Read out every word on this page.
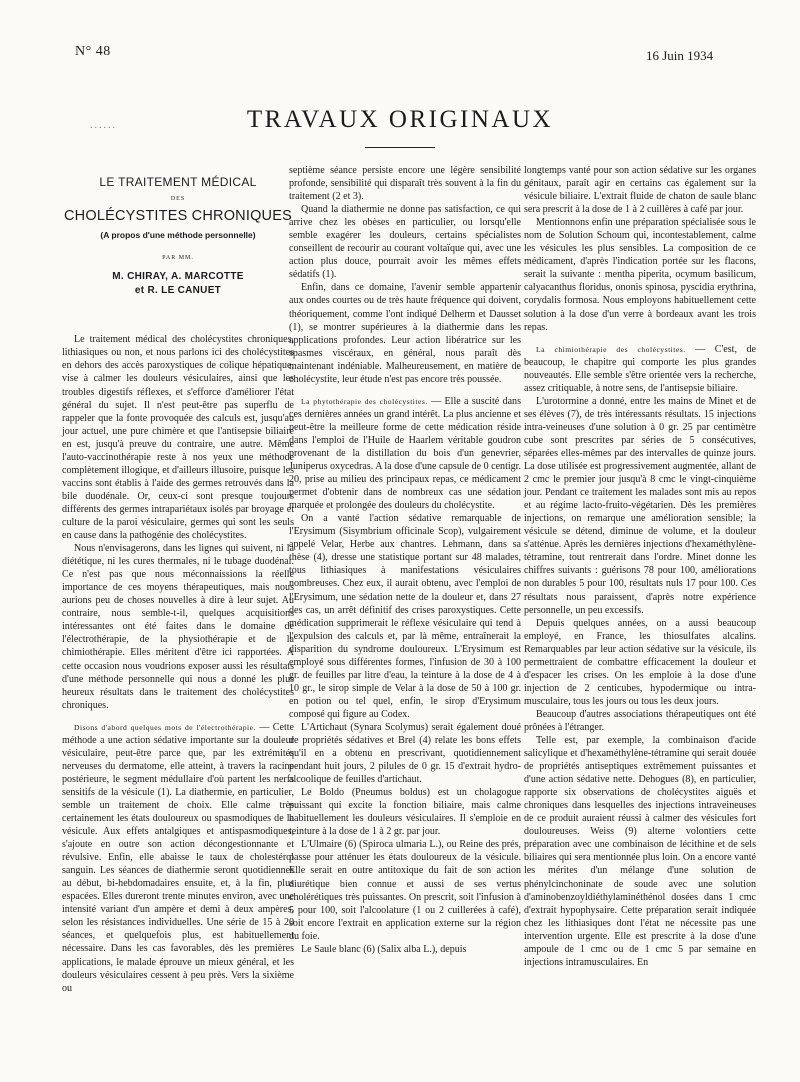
N° 48	16 Juin 1934
......	TRAVAUX ORIGINAUX
LE TRAITEMENT MÉDICAL
DES
CHOLÉCYSTITES CHRONIQUES
(A propos d'une méthode personnelle)
PAR MM.
M. CHIRAY, A. MARCOTTE
et R. LE CANUET

Le traitement médical des cholécystites chroniques, lithiasiques ou non, et nous parlons ici des cholécystites en dehors des accès paroxystiques de colique hépatique, vise à calmer les douleurs vésiculaires, ainsi que les troubles digestifs réflexes, et s'efforce d'améliorer l'état général du sujet. Il n'est peut-être pas superflu de rappeler que la fonte provoquée des calculs est, jusqu'au jour actuel, une pure chimère et que l'antisepsie biliaire en est, jusqu'à preuve du contraire, une autre. Même l'auto-vaccinothérapie reste à nos yeux une méthode complètement illogique, et d'ailleurs illusoire, puisque les vaccins sont établis à l'aide des germes retrouvés dans la bile duodénale. Or, ceux-ci sont presque toujours différents des germes intrapariétaux isolés par broyage et culture de la paroi vésiculaire, germes qui sont les seuls en cause dans la pathogénie des cholécystites.

Nous n'envisagerons, dans les lignes qui suivent, ni la diététique, ni les cures thermales, ni le tubage duodénal. Ce n'est pas que nous méconnaissions la réelle importance de ces moyens thérapeutiques, mais nous aurions peu de choses nouvelles à dire à leur sujet. Au contraire, nous semble-t-il, quelques acquisitions intéressantes ont été faites dans le domaine de l'électrothérapie, de la physiothérapie et de la chimiothérapie. Elles méritent d'être ici rapportées. A cette occasion nous voudrions exposer aussi les résultats d'une méthode personnelle qui nous a donné les plus heureux résultats dans le traitement des cholécystites chroniques.

Disons d'abord quelques mots de l'électrothérapie. — Cette méthode a une action sédative importante sur la douleur vésiculaire, peut-être parce que, par les extrémités nerveuses du dermatome, elle atteint, à travers la racine postérieure, le segment médullaire d'où partent les nerfs sensitifs de la vésicule (1). La diathermie, en particulier, semble un traitement de choix. Elle calme très certainement les états douloureux ou spasmodiques de la vésicule. Aux effets antalgiques et antispasmodiques, s'ajoute en outre son action décongestionnante et révulsive. Enfin, elle abaisse le taux de cholestérol sanguin. Les séances de diathermie seront quotidiennes au début, bi-hebdomadaires ensuite, et, à la fin, plus espacées. Elles dureront trente minutes environ, avec une intensité variant d'un ampère et demi à deux ampères, selon les résistances individuelles. Une série de 15 à 20 séances, et quelquefois plus, est habituellement nécessaire. Dans les cas favorables, dès les premières applications, le malade éprouve un mieux général, et les douleurs vésiculaires cessent à peu près. Vers la sixième ou

septième séance persiste encore une légère sensibilité profonde, sensibilité qui disparaît très souvent à la fin du traitement (2 et 3).

Quand la diathermie ne donne pas satisfaction, ce qui arrive chez les obèses en particulier, ou lorsqu'elle semble exagérer les douleurs, certains spécialistes conseillent de recourir au courant voltaïque qui, avec une action plus douce, pourrait avoir les mêmes effets sédatifs (1).

Enfin, dans ce domaine, l'avenir semble appartenir aux ondes courtes ou de très haute fréquence qui doivent, théoriquement, comme l'ont indiqué Delherm et Dausset (1), se montrer supérieures à la diathermie dans les applications profondes. Leur action libératrice sur les spasmes viscéraux, en général, nous paraît dès maintenant indéniable. Malheureusement, en matière de cholécystite, leur étude n'est pas encore très poussée.

La phytothérapie des cholécystites. — Elle a suscité dans ces dernières années un grand intérêt. La plus ancienne et peut-être la meilleure forme de cette médication réside dans l'emploi de l'Huile de Haarlem véritable goudron provenant de la distillation du bois d'un genevrier, Juniperus oxycedras. A la dose d'une capsule de 0 centigr. 20, prise au milieu des principaux repas, ce médicament permet d'obtenir dans de nombreux cas une sédation marquée et prolongée des douleurs du cholécystite.

On a vanté l'action sédative remarquable de l'Erysimum (Sisymbrium officinale Scop), vulgairement appelé Velar, Herbe aux chantres. Lehmann, dans sa thèse (4), dresse une statistique portant sur 48 malades, tous lithiasiques à manifestations vésiculaires nombreuses. Chez eux, il aurait obtenu, avec l'emploi de l'Erysimum, une sédation nette de la douleur et, dans 27 des cas, un arrêt définitif des crises paroxystiques. Cette médication supprimerait le réflexe vésiculaire qui tend à l'expulsion des calculs et, par là même, entraînerait la disparition du syndrome douloureux. L'Erysimum est employé sous différentes formes, l'infusion de 30 à 100 gr. de feuilles par litre d'eau, la teinture à la dose de 4 à 10 gr., le sirop simple de Velar à la dose de 50 à 100 gr. en potion ou tel quel, enfin, le sirop d'Erysimum composé qui figure au Codex.

L'Artichaut (Synara Scolymus) serait également doué de propriétés sédatives et Brel (4) relate les bons effets qu'il en a obtenu en prescrivant, quotidiennement pendant huit jours, 2 pilules de 0 gr. 15 d'extrait hydro-alcoolique de feuilles d'artichaut.

Le Boldo (Pneumus boldus) est un cholagogue puissant qui excite la fonction biliaire, mais calme habituellement les douleurs vésiculaires. Il s'emploie en teinture à la dose de 1 à 2 gr. par jour.

L'Ulmaire (6) (Spiroca ulmaria L.), ou Reine des prés, passe pour atténuer les états douloureux de la vésicule. Elle serait en outre antitoxique du fait de son action diurétique bien connue et aussi de ses vertus cholérétiques très puissantes. On prescrit, soit l'infusion à 5 pour 100, soit l'alcoolature (1 ou 2 cuillerées à café), soit encore l'extrait en application externe sur la région du foie.

Le Saule blanc (6) (Salix alba L.), depuis

longtemps vanté pour son action sédative sur les organes génitaux, paraît agir en certains cas également sur la vésicule biliaire. L'extrait fluide de chaton de saule blanc sera prescrit à la dose de 1 à 2 cuillères à café par jour.

Mentionnons enfin une préparation spécialisée sous le nom de Solution Schoum qui, incontestablement, calme les vésicules les plus sensibles. La composition de ce médicament, d'après l'indication portée sur les flacons, serait la suivante : mentha piperita, ocymum basilicum, calyacanthus floridus, ononis spinosa, pyscidia erythrina, corydalis formosa. Nous employons habituellement cette solution à la dose d'un verre à bordeaux avant les trois repas.

La chimiothérapie des cholécystites. — C'est, de beaucoup, le chapitre qui comporte les plus grandes nouveautés. Elle semble s'être orientée vers la recherche, assez critiquable, à notre sens, de l'antisepsie biliaire.

L'urotormine a donné, entre les mains de Minet et de ses élèves (7), de très intéressants résultats. 15 injections intra-veineuses d'une solution à 0 gr. 25 par centimètre cube sont prescrites par séries de 5 consécutives, séparées elles-mêmes par des intervalles de quinze jours. La dose utilisée est progressivement augmentée, allant de 2 cmc le premier jour jusqu'à 8 cmc le vingt-cinquième jour. Pendant ce traitement les malades sont mis au repos et au régime lacto-fruito-végétarien. Dès les premières injections, on remarque une amélioration sensible; la vésicule se détend, diminue de volume, et la douleur s'atténue. Après les dernières injections d'hexaméthylène-tétramine, tout rentrerait dans l'ordre. Minet donne les chiffres suivants : guérisons 78 pour 100, améliorations non durables 5 pour 100, résultats nuls 17 pour 100. Ces résultats nous paraissent, d'après notre expérience personnelle, un peu excessifs.

Depuis quelques années, on a aussi beaucoup employé, en France, les thiosulfates alcalins. Remarquables par leur action sédative sur la vésicule, ils permettraient de combattre efficacement la douleur et d'espacer les crises. On les emploie à la dose d'une injection de 2 centicubes, hypodermique ou intra-musculaire, tous les jours ou tous les deux jours.

Beaucoup d'autres associations thérapeutiques ont été prônées à l'étranger.

Telle est, par exemple, la combinaison d'acide salicylique et d'hexaméthylène-tétramine qui serait douée de propriétés antiseptiques extrêmement puissantes et d'une action sédative nette. Dehogues (8), en particulier, rapporte six observations de cholécystites aiguës et chroniques dans lesquelles des injections intraveineuses de ce produit auraient réussi à calmer des vésicules fort douloureuses. Weiss (9) alterne volontiers cette préparation avec une combinaison de lécithine et de sels biliaires qui sera mentionnée plus loin. On a encore vanté les mérites d'un mélange d'une solution de phénylcinchoninate de soude avec une solution d'aminobenzoyldiéthylaminéthénol dosées dans 1 cmc d'extrait hypophysaire. Cette préparation serait indiquée chez les lithiasiques dont l'état ne nécessite pas une intervention urgente. Elle est prescrite à la dose d'une ampoule de 1 cmc ou de 1 cmc 5 par semaine en injections intramusculaires. En
